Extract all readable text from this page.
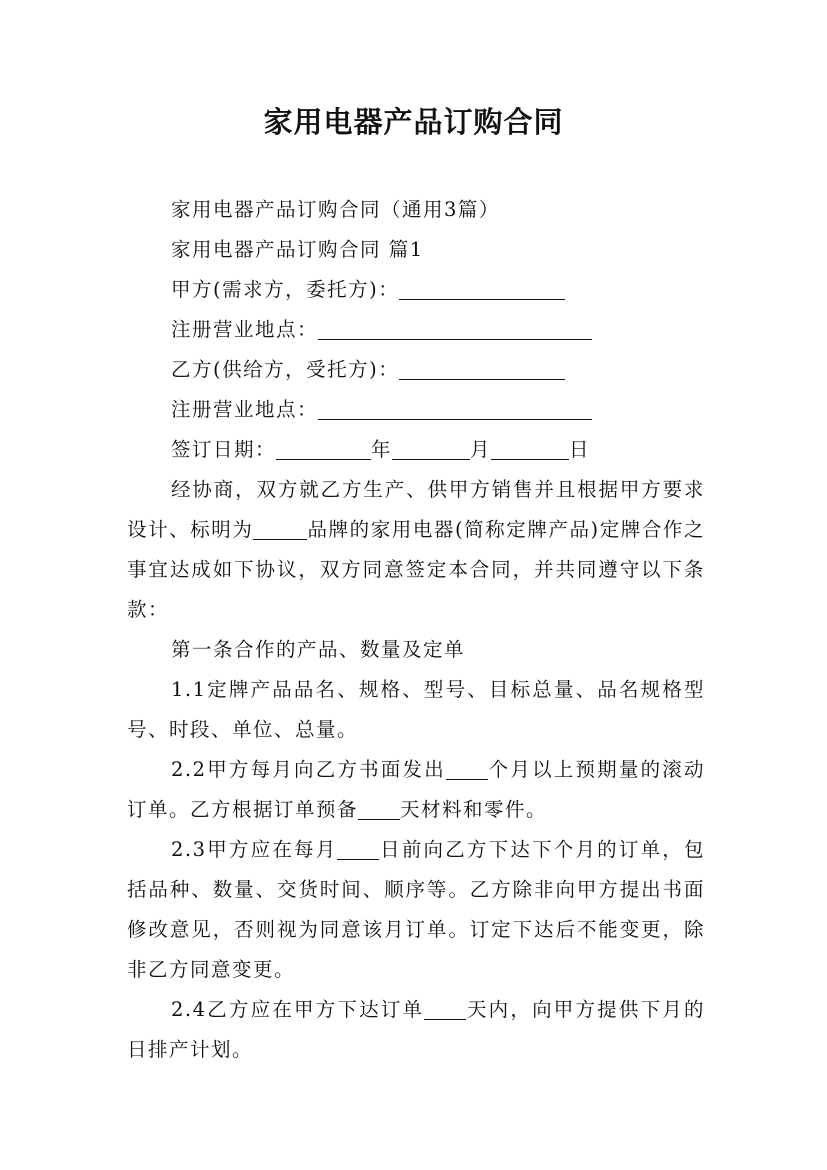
家用电器产品订购合同

家用电器产品订购合同（通用3篇）

家用电器产品订购合同 篇1

甲方(需求方，委托方)：

注册营业地点：

乙方(供给方，受托方)：

注册营业地点：

签订日期：	年	月	日

经协商，双方就乙方生产、供甲方销售并且根据甲方要求设计、标明为	品牌的家用电器(简称定牌产品)定牌合作之事宜达成如下协议，双方同意签定本合同，并共同遵守以下条款：

第一条合作的产品、数量及定单

1.1定牌产品品名、规格、型号、目标总量、品名规格型号、时段、单位、总量。

2.2甲方每月向乙方书面发出 个月以上预期量的滚动订单。乙方根据订单预备 天材料和零件。

2.3甲方应在每月 日前向乙方下达下个月的订单，包括品种、数量、交货时间、顺序等。乙方除非向甲方提出书面修改意见，否则视为同意该月订单。订定下达后不能变更，除非乙方同意变更。

2.4乙方应在甲方下达订单 天内，向甲方提供下月的日排产计划。
